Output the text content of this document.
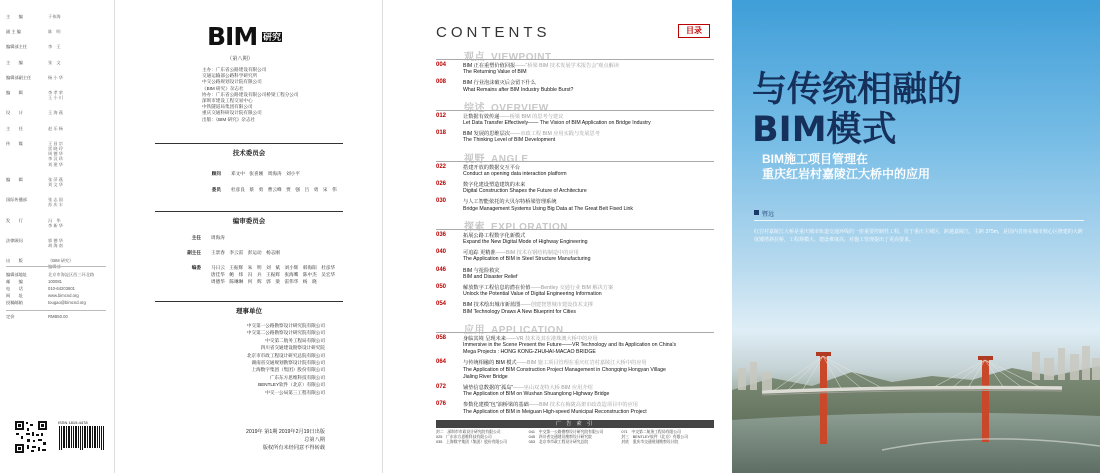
主　　编	于伟海
副 主 编	陈　明
编辑部主任	李　王
主　　编	张　文
编辑部副主任	杨 小 华
编　　辑	李 孝 荣
王 小 川
设　　计	王 海 燕
主　　任	赵 乐 杨
传　　媒	王 昌 宗
雷 晓 玲
周 德 华
李 汉 珍
刘 建 华
编　　辑	张 萍 燕
刘 文 华
国际传播部	张 志 国
苏 庆 丰
发　　行	冯　华
李 新 华
法律顾问	郭 德 华
胡 海 南
出　　版	《BIM 研究》
编辑部
编辑部地址	北京市海淀区西三环北路
邮　　编	100081
电　　话	010-64203601
网　　址	www.bimcnd.org
投稿邮箱	tougao@bimcnd.org
定价	RMB50.00
ISSN 1819-4478
BIM 研究
（第八期）
主办：广东省公路建设有限公司
交通运输部公路科学研究所
中交公路规划设计院有限公司
《BIM 研究》杂志社
协办：广东省公路建设有限公司桥梁工程分公司
深圳市建设工程交易中心
中铁隧道局集团有限公司
重庆交通科研设计院有限公司
出版：《BIM 研究》杂志社
技术委员会
顾问	邓文中　张喜刚　周海涛　刘小平
委员	杜彦良　蔡　勇　曹云峰　贾　强　吕　勇　宋　伟
编审委员会
主任	周海涛
副主任	王景春　李云雷　彭运动　杨志刚
编委	马日云　王振辉　朱　明　刘　斌　刘小辉　韩海阳　杜彦华
唐佳华　鲍　炜　冯　兵　王振辉　张海鹰　陈中杰　吴宏华
周德华　陈琳琳　何　辉　郭　梁　雷伟华　杨　晓
理事单位
中交第一公路勘察设计研究院有限公司
中交第二公路勘察设计研究院有限公司
中交第二航务工程局有限公司
四川省交通建设勘察设计研究院
北京市市政工程设计研究总院有限公司
湖南省交通规划勘察设计院有限公司
上海数字集团（集团）股份有限公司
广东东方思维科技有限公司
BENTLEY软件（北京）有限公司
中交一公局第三工程有限公司
2019年 第1期 2019年2月19日出版
总第八期
版权所有未经同意不得转载
CONTENTS	目录
观点 VIEWPOINT
004	BIM 正在重塑价值回报——“桥梁 BIM 技术发展学术报告会”观点解读
The Returning Value of BIM
008	BIM 行业泡沫破灭后会留下什么
What Remains after BIM Industry Bubble Burst?
综述 OVERVIEW
012	让数据有效传递——桥梁 BIM 的思考与建议
Let Data Transfer Effectively—— The Vision of BIM Application on Bridge Industry
018	BIM 发展的思维层次——市政工程 BIM 应用实践与发展思考
The Thinking Level of BIM Development
视野 ANGLE
022	搭建开放的数据交互平台
Conduct an opening data interaction platform
026	数字化建设塑造建筑的未来
Digital Construction Shapes the Future of Architecture
030	与人工智能依托的大贝尔特桥梁管理系统
Bridge Management Systems Using Big Data at The Great Belt Fixed Link
探索 EXPLORATION
036	拓展公路工程数字化新模式
Expand the New Digital Mode of Highway Engineering
040	可追踪 更精准——BIM 技术在钢结构制造中的应用
The Application of BIM in Steel Structure Manufacturing
046	BIM 与抢险救灾
BIM and Disaster Relief
050	解放数字工程信息的潜在价值——Bentley 交通行业 BIM 解决方案
Unlock the Potential Value of Digital Engineering Information
054	BIM 技术绘出城市新蓝图——创建智慧城市建设技术支撑
BIM Technology Draws A New Blueprint for Cities
应用 APPLICATION
058	身临其境 呈现未来——VR 技术及其在港珠澳大桥中的应用
Immersive in the Scene Present the Future——VR Technology and Its Application on China's
Mega Projects : HONG KONG-ZHUHAI-MACAO BRIDGE
064	与传统相融的 BIM 模式——BIM 施工项目管理在重庆红岩村嘉陵江大桥中的应用
The Application of BIM Construction Project Management in Chongqing Hongyan Village
Jialing River Bridge
072	铺垫信息数据的“孤岛”——巫山双龙特大桥 BIM 应用介绍
The Application of BIM on Wushan Shuanglong Highway Bridge
076	参数化建模“包”油桥梁的基础——BIM 技术在梅陇高架市政改造项目中的应用
The Application of BIM in Meiguan High-speed Municipal Reconstruction Project
广 告 索 引
封二　深圳市市政设计研究院有限公司	041　中交第一公路勘察设计研究院有限公司	071　中交第二航务工程局有限公司
025　广东东方思维科技有限公司	045　四川省交通建设勘察设计研究院	封三　BENTLEY软件（北京）有限公司
035　上海数字集团（集团）股份有限公司	053　北京市市政工程设计研究总院	封底　重庆市交通规划勘察设计院
与传统相融的
BIM模式
BIM施工项目管理在
重庆红岩村嘉陵江大桥中的应用
暨远
红岩村嘉陵江大桥是重庆城市轨道交通环线的一座重要控制性工程，位于重庆主城区，跨越嘉陵江，主跨 375m，是国内首座在城市核心区修建的大跨度矮塔斜拉桥，工程规模大、建设难度高，对施工管理提出了更高要求。
